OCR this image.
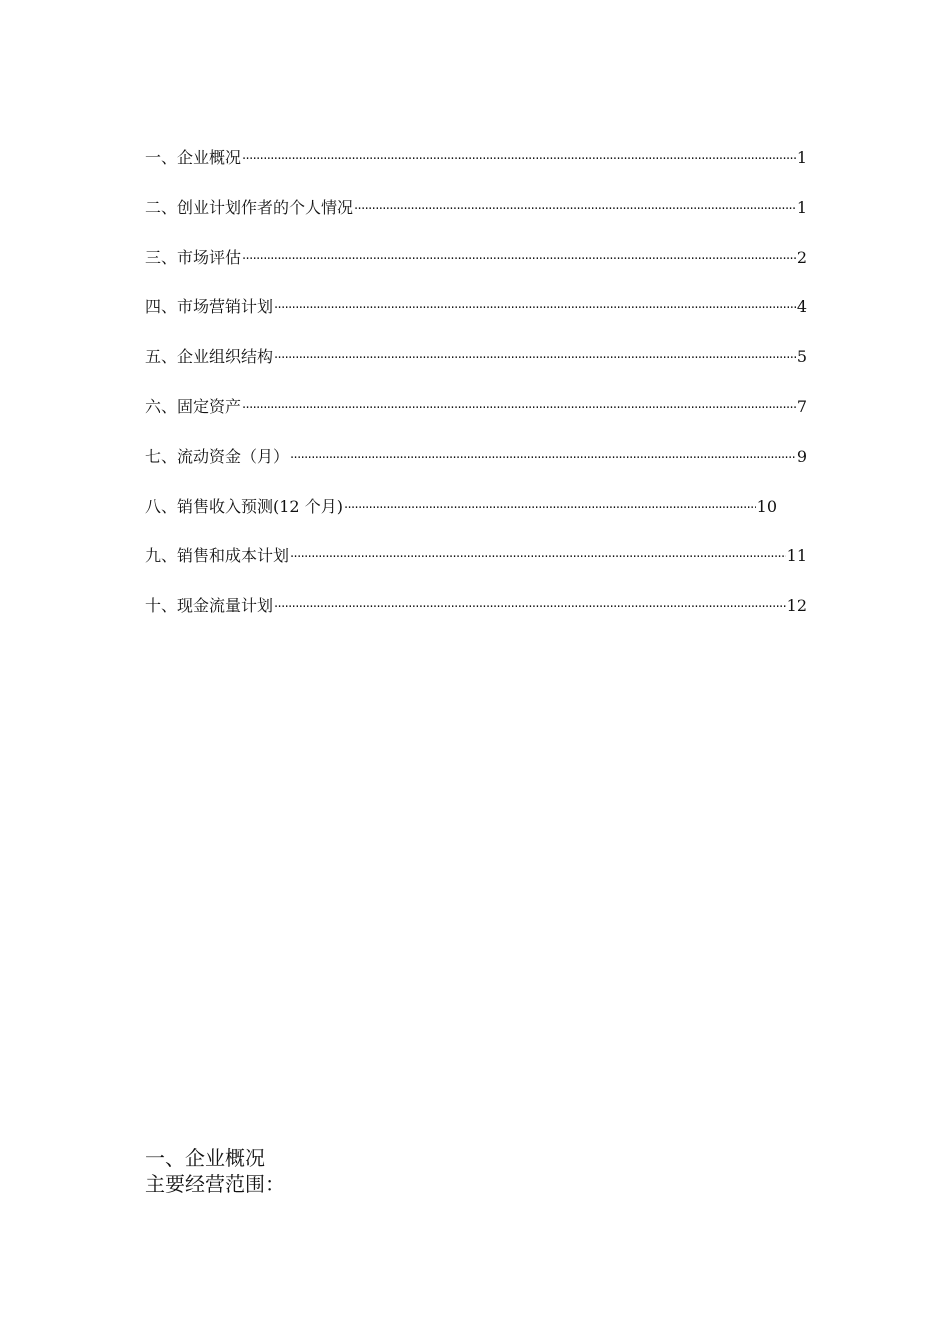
一、企业概况 ·····	1
二、创业计划作者的个人情况 ·····	1
三、市场评估 ·····	2
四、市场营销计划 ·····	4
五、企业组织结构 ·····	5
六、固定资产 ·····	7
七、流动资金（月） ·····	9
八、销售收入预测(12 个月) ·····	10
九、销售和成本计划 ·····	11
十、现金流量计划 ·····	12
一、企业概况
主要经营范围：
